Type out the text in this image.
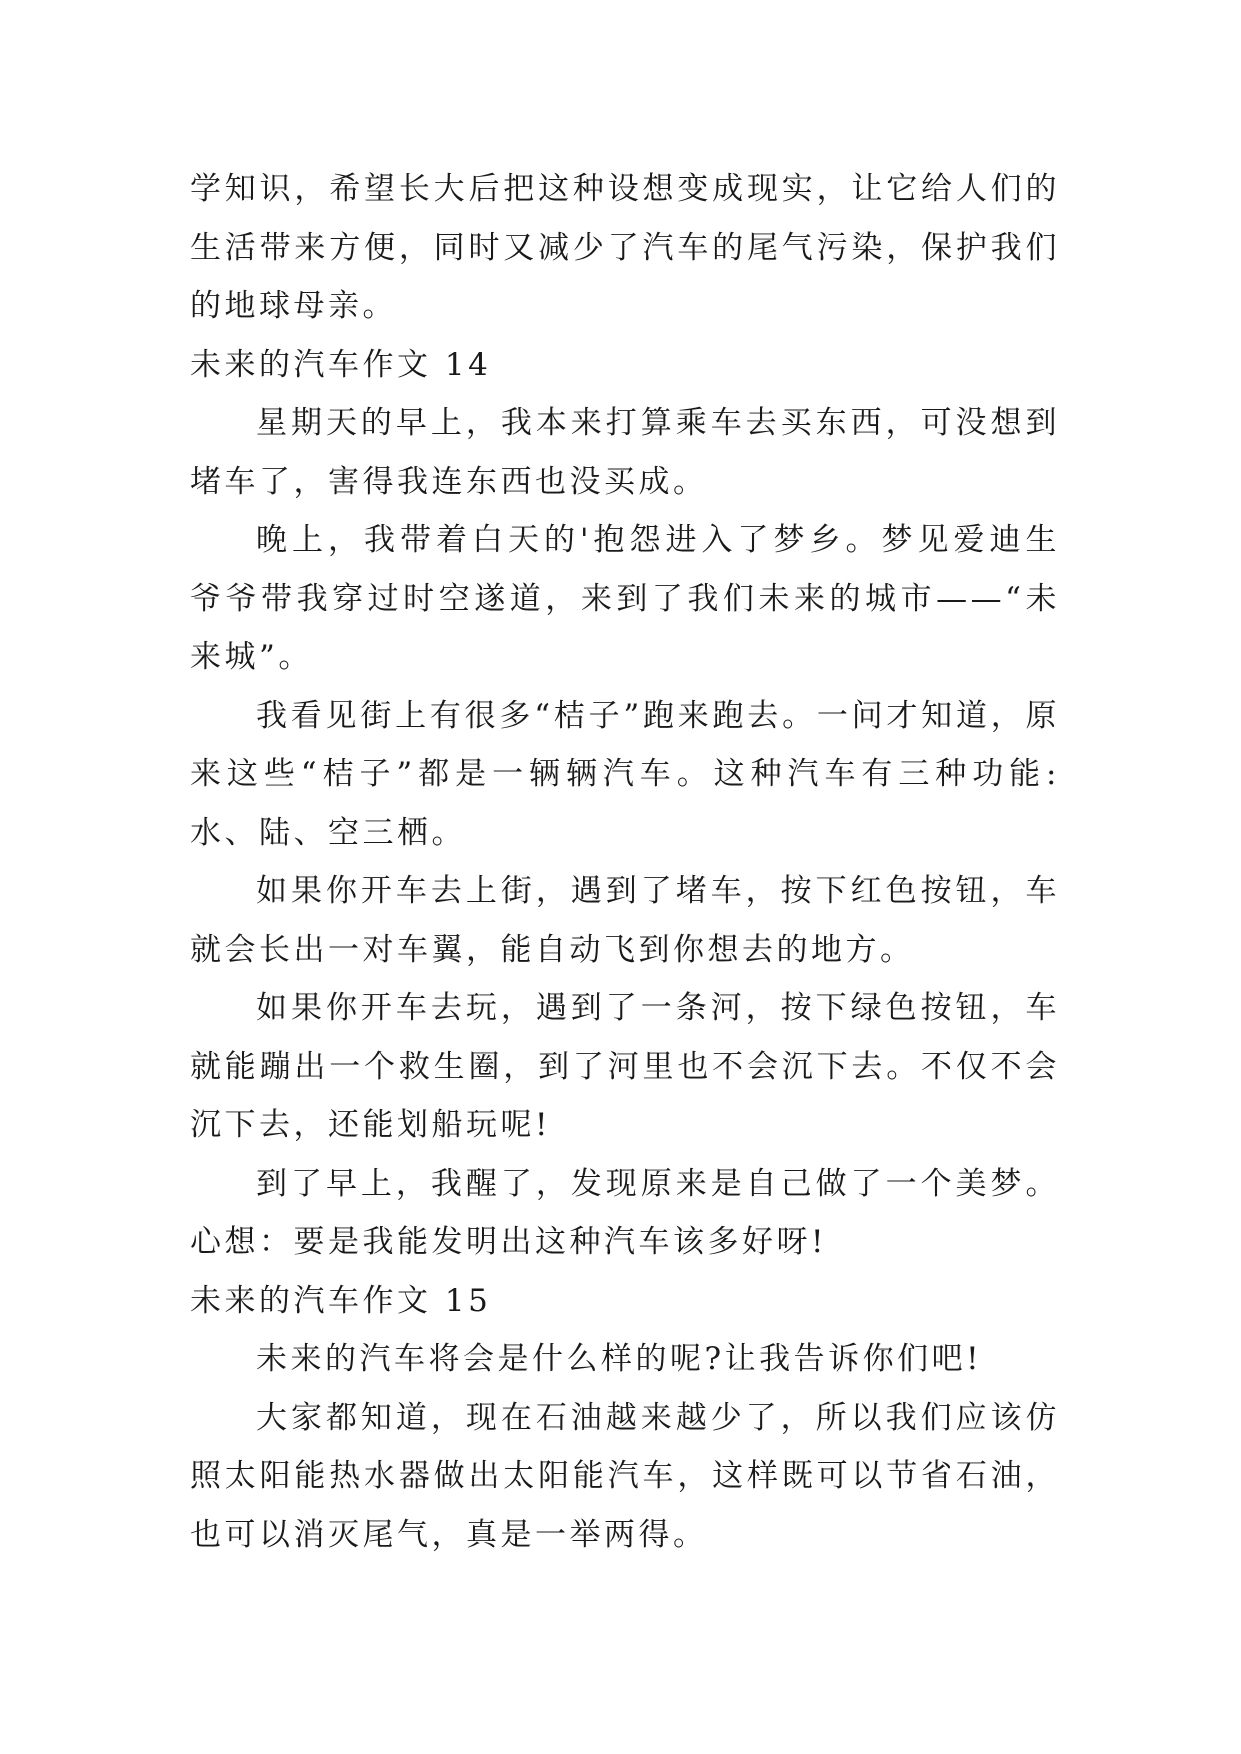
学知识，希望长大后把这种设想变成现实，让它给人们的生活带来方便，同时又减少了汽车的尾气污染，保护我们的地球母亲。

未来的汽车作文 14

星期天的早上，我本来打算乘车去买东西，可没想到堵车了，害得我连东西也没买成。

晚上，我带着白天的'抱怨进入了梦乡。梦见爱迪生爷爷带我穿过时空遂道，来到了我们未来的城市——“未来城”。

我看见街上有很多“桔子”跑来跑去。一问才知道，原来这些“桔子”都是一辆辆汽车。这种汽车有三种功能: 水、陆、空三栖。

如果你开车去上街，遇到了堵车，按下红色按钮，车就会长出一对车翼，能自动飞到你想去的地方。

如果你开车去玩，遇到了一条河，按下绿色按钮，车就能蹦出一个救生圈，到了河里也不会沉下去。不仅不会沉下去，还能划船玩呢!

到了早上，我醒了，发现原来是自己做了一个美梦。心想：要是我能发明出这种汽车该多好呀!

未来的汽车作文 15

未来的汽车将会是什么样的呢?让我告诉你们吧!

大家都知道，现在石油越来越少了，所以我们应该仿照太阳能热水器做出太阳能汽车，这样既可以节省石油，也可以消灭尾气，真是一举两得。
